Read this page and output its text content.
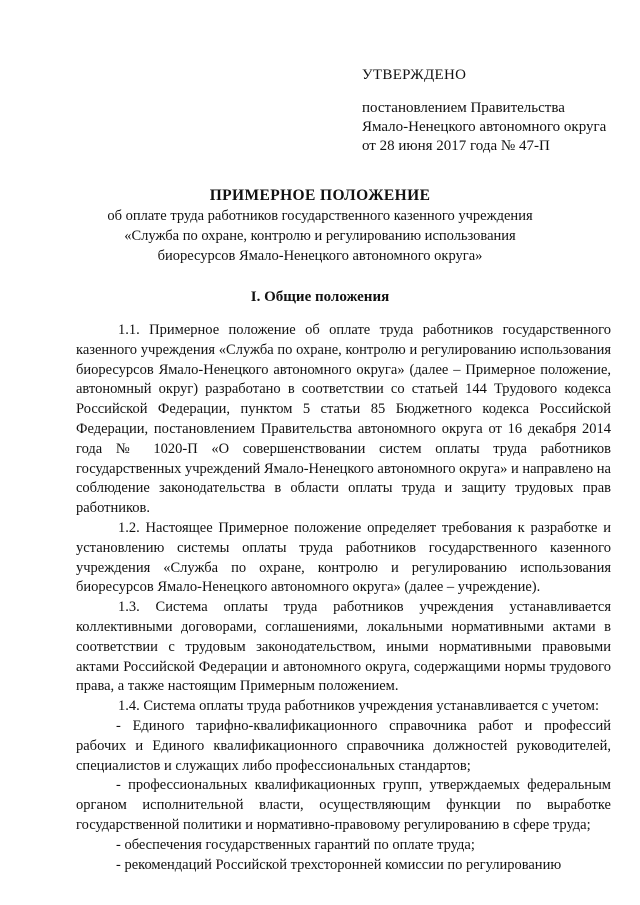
УТВЕРЖДЕНО
постановлением Правительства
Ямало-Ненецкого автономного округа
от 28 июня 2017 года № 47-П
ПРИМЕРНОЕ ПОЛОЖЕНИЕ
об оплате труда работников государственного казенного учреждения
«Служба по охране, контролю и регулированию использования
биоресурсов Ямало-Ненецкого автономного округа»
I. Общие положения

1.1. Примерное положение об оплате труда работников государственного казенного учреждения «Служба по охране, контролю и регулированию использования биоресурсов Ямало-Ненецкого автономного округа» (далее – Примерное положение, автономный округ) разработано в соответствии со статьей 144 Трудового кодекса Российской Федерации, пунктом 5 статьи 85 Бюджетного кодекса Российской Федерации, постановлением Правительства автономного округа от 16 декабря 2014 года № 1020-П «О совершенствовании систем оплаты труда работников государственных учреждений Ямало-Ненецкого автономного округа» и направлено на соблюдение законодательства в области оплаты труда и защиту трудовых прав работников.

1.2. Настоящее Примерное положение определяет требования к разработке и установлению системы оплаты труда работников государственного казенного учреждения «Служба по охране, контролю и регулированию использования биоресурсов Ямало-Ненецкого автономного округа» (далее – учреждение).

1.3. Система оплаты труда работников учреждения устанавливается коллективными договорами, соглашениями, локальными нормативными актами в соответствии с трудовым законодательством, иными нормативными правовыми актами Российской Федерации и автономного округа, содержащими нормы трудового права, а также настоящим Примерным положением.

1.4. Система оплаты труда работников учреждения устанавливается с учетом:

- Единого тарифно-квалификационного справочника работ и профессий рабочих и Единого квалификационного справочника должностей руководителей, специалистов и служащих либо профессиональных стандартов;

- профессиональных квалификационных групп, утверждаемых федеральным органом исполнительной власти, осуществляющим функции по выработке государственной политики и нормативно-правовому регулированию в сфере труда;

- обеспечения государственных гарантий по оплате труда;

- рекомендаций Российской трехсторонней комиссии по регулированию
